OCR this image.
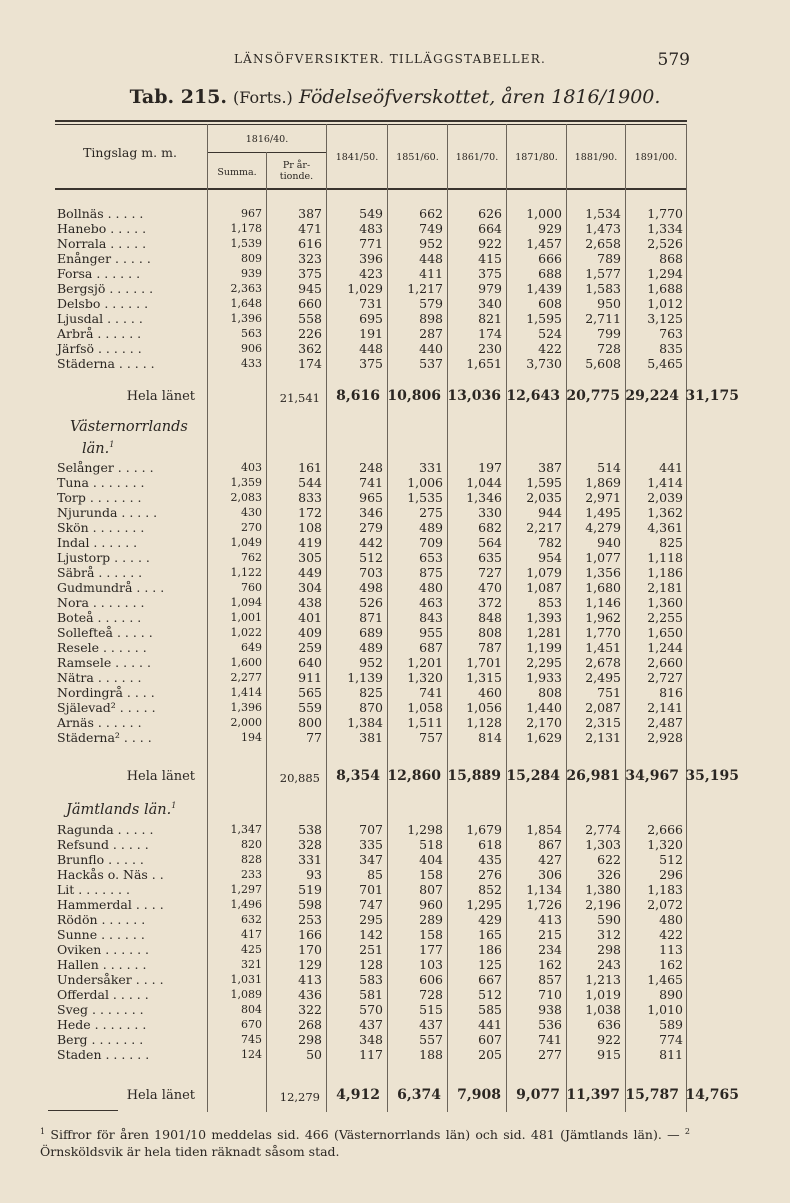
LÄNSÖFVERSIKTER. TILLÄGGSTABELLER.	579
Tab. 215. (Forts.) Födelseöfverskottet, åren 1816/1900.
Tingslag m. m.
1816/40.
Summa.
Pr år-
tionde.
1841/50.	1851/60.	1861/70.	1871/80.	1881/90.	1891/00.
Bollnäs . . . . .	967	387	549	662	626	1,000	1,534	1,770
Hanebo . . . . .	1,178	471	483	749	664	929	1,473	1,334
Norrala . . . . .	1,539	616	771	952	922	1,457	2,658	2,526
Enånger . . . . .	809	323	396	448	415	666	789	868
Forsa . . . . . .	939	375	423	411	375	688	1,577	1,294
Bergsjö . . . . . .	2,363	945	1,029	1,217	979	1,439	1,583	1,688
Delsbo . . . . . .	1,648	660	731	579	340	608	950	1,012
Ljusdal . . . . .	1,396	558	695	898	821	1,595	2,711	3,125
Arbrå . . . . . .	563	226	191	287	174	524	799	763
Järfsö . . . . . .	906	362	448	440	230	422	728	835
Städerna . . . . .	433	174	375	537	1,651	3,730	5,608	5,465
Hela länet	21,541	8,616 10,806 13,036 12,643 20,775 29,224 31,175
Västernorrlands
län.$^1$
Selånger . . . . .	403	161	248	331	197	387	514	441
Tuna . . . . . . .	1,359	544	741	1,006	1,044	1,595	1,869	1,414
Torp . . . . . . .	2,083	833	965	1,535	1,346	2,035	2,971	2,039
Njurunda . . . . .	430	172	346	275	330	944	1,495	1,362
Skön . . . . . . .	270	108	279	489	682	2,217	4,279	4,361
Indal . . . . . .	1,049	419	442	709	564	782	940	825
Ljustorp . . . . .	762	305	512	653	635	954	1,077	1,118
Säbrå . . . . . .	1,122	449	703	875	727	1,079	1,356	1,186
Gudmundrå . . . .	760	304	498	480	470	1,087	1,680	2,181
Nora . . . . . . .	1,094	438	526	463	372	853	1,146	1,360
Boteå . . . . . .	1,001	401	871	843	848	1,393	1,962	2,255
Sollefteå . . . . .	1,022	409	689	955	808	1,281	1,770	1,650
Resele . . . . . .	649	259	489	687	787	1,199	1,451	1,244
Ramsele . . . . .	1,600	640	952	1,201	1,701	2,295	2,678	2,660
Nätra . . . . . .	2,277	911	1,139	1,320	1,315	1,933	2,495	2,727
Nordingrå . . . .	1,414	565	825	741	460	808	751	816
Själevad² . . . . .	1,396	559	870	1,058	1,056	1,440	2,087	2,141
Arnäs . . . . . .	2,000	800	1,384	1,511	1,128	2,170	2,315	2,487
Städerna² . . . .	194	77	381	757	814	1,629	2,131	2,928
Hela länet	20,885	8,354 12,860 15,889 15,284 26,981 34,967 35,195
Jämtlands län.$^1$
Ragunda . . . . .	1,347	538	707	1,298	1,679	1,854	2,774	2,666
Refsund . . . . .	820	328	335	518	618	867	1,303	1,320
Brunflo . . . . .	828	331	347	404	435	427	622	512
Hackås o. Näs . .	233	93	85	158	276	306	326	296
Lit . . . . . . .	1,297	519	701	807	852	1,134	1,380	1,183
Hammerdal . . . .	1,496	598	747	960	1,295	1,726	2,196	2,072
Rödön . . . . . .	632	253	295	289	429	413	590	480
Sunne . . . . . .	417	166	142	158	165	215	312	422
Oviken . . . . . .	425	170	251	177	186	234	298	113
Hallen . . . . . .	321	129	128	103	125	162	243	162
Undersåker . . . .	1,031	413	583	606	667	857	1,213	1,465
Offerdal . . . . .	1,089	436	581	728	512	710	1,019	890
Sveg . . . . . . .	804	322	570	515	585	938	1,038	1,010
Hede . . . . . . .	670	268	437	437	441	536	636	589
Berg . . . . . . .	745	298	348	557	607	741	922	774
Staden . . . . . .	124	50	117	188	205	277	915	811
Hela länet	12,279	4,912	6,374	7,908	9,077 11,397 15,787 14,765
$^1$ Siffror för åren 1901/10 meddelas sid. 466 (Västernorrlands län) och sid. 481 (Jämtlands län). — $^2$ Örnsköldsvik är hela tiden räknadt såsom stad.
